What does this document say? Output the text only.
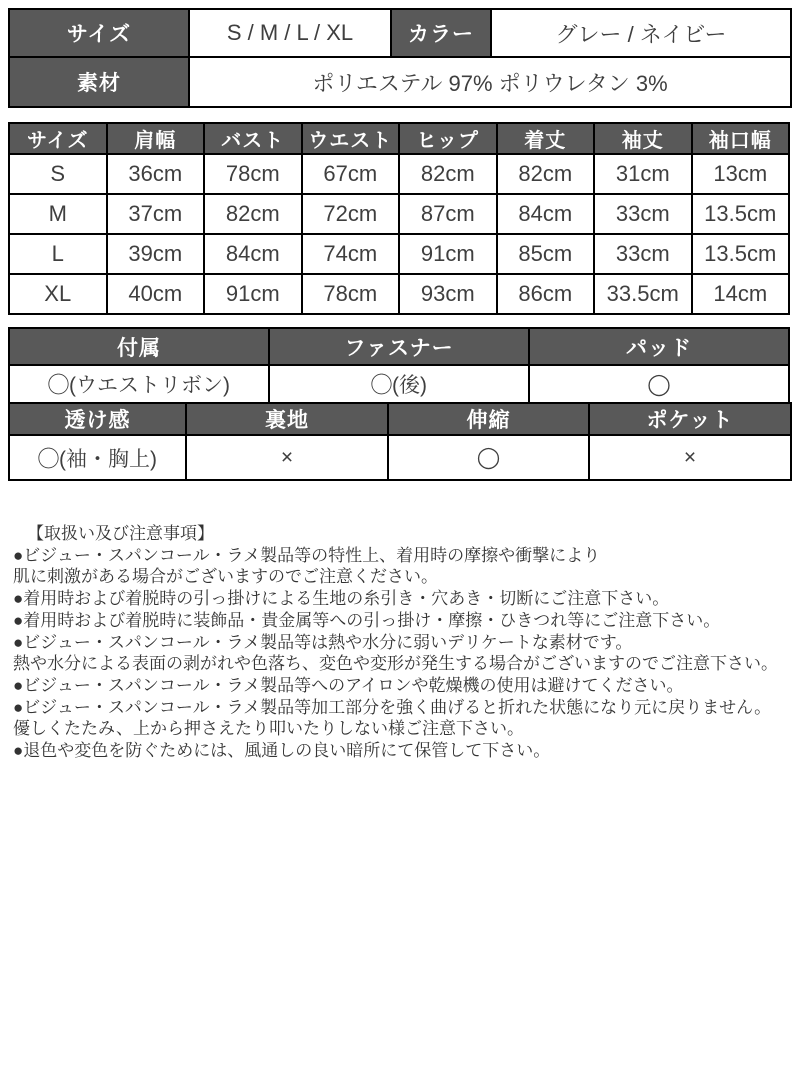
サイズ	S / M / L / XL	カラー	グレー / ネイビー
素材	ポリエステル 97% ポリウレタン 3%		
サイズ	肩幅	バスト	ウエスト	ヒップ	着丈	袖丈	袖口幅
S	36cm	78cm	67cm	82cm	82cm	31cm	13cm
M	37cm	82cm	72cm	87cm	84cm	33cm	13.5cm
L	39cm	84cm	74cm	91cm	85cm	33cm	13.5cm
XL	40cm	91cm	78cm	93cm	86cm	33.5cm	14cm
付属	ファスナー	パッド
◯(ウエストリボン)	◯(後)	◯
透け感	裏地	伸縮	ポケット
◯(袖・胸上)	×	◯	×
【取扱い及び注意事項】
●ビジュー・スパンコール・ラメ製品等の特性上、着用時の摩擦や衝撃により
肌に刺激がある場合がございますのでご注意ください。
●着用時および着脱時の引っ掛けによる生地の糸引き・穴あき・切断にご注意下さい。
●着用時および着脱時に装飾品・貴金属等への引っ掛け・摩擦・ひきつれ等にご注意下さい。
●ビジュー・スパンコール・ラメ製品等は熱や水分に弱いデリケートな素材です。
熱や水分による表面の剥がれや色落ち、変色や変形が発生する場合がございますのでご注意下さい。
●ビジュー・スパンコール・ラメ製品等へのアイロンや乾燥機の使用は避けてください。
●ビジュー・スパンコール・ラメ製品等加工部分を強く曲げると折れた状態になり元に戻りません。
優しくたたみ、上から押さえたり叩いたりしない様ご注意下さい。
●退色や変色を防ぐためには、風通しの良い暗所にて保管して下さい。
